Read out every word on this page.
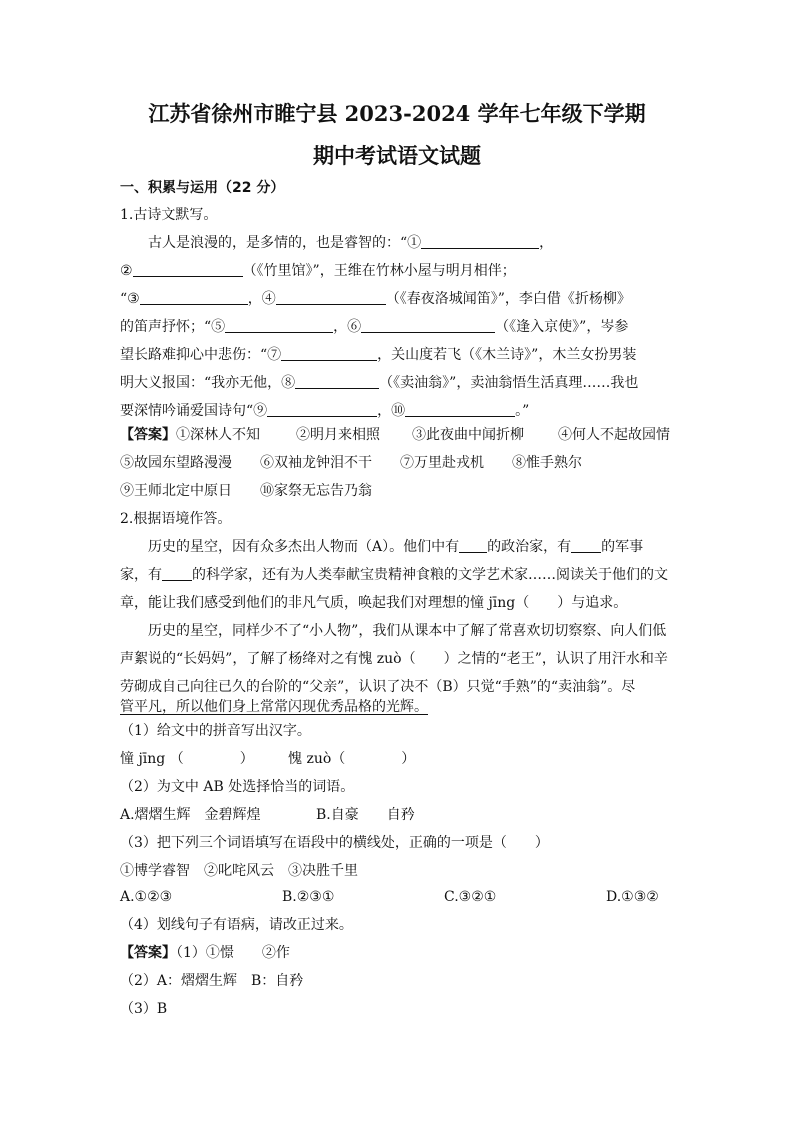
江苏省徐州市睢宁县 2023-2024 学年七年级下学期
期中考试语文试题
一、积累与运用（22 分）
1.古诗文默写。
古人是浪漫的，是多情的，也是睿智的：“①	，
②	（《竹里馆》”，王维在竹林小屋与明月相伴；
“③	，④	（《春夜洛城闻笛》”，李白借《折杨柳》
的笛声抒怀；“⑤	，⑥	（《逢入京使》”，岑参
望长路难抑心中悲伤：“⑦	，关山度若飞（《木兰诗》”，木兰女扮男装
明大义报国：“我亦无他，⑧	（《卖油翁》”，卖油翁悟生活真理……我也
要深情吟诵爱国诗句“⑨	，⑩	。”
【答案】①深林人不知	②明月来相照 ③此夜曲中闻折柳 ④何人不起故园情
⑤故园东望路漫漫 ⑥双袖龙钟泪不干 ⑦万里赴戎机 ⑧惟手熟尔
⑨王师北定中原日 ⑩家祭无忘告乃翁
2.根据语境作答。
历史的星空，因有众多杰出人物而（A）。他们中有 的政治家，有 的军事
家，有 的科学家，还有为人类奉献宝贵精神食粮的文学艺术家……阅读关于他们的文
章，能让我们感受到他们的非凡气质，唤起我们对理想的憧 jīng（　　）与追求。
历史的星空，同样少不了“小人物”，我们从课本中了解了常喜欢切切察察、向人们低
声絮说的“长妈妈”，了解了杨绛对之有愧 zuò（　　）之情的“老王”，认识了用汗水和辛
劳砌成自己向往已久的台阶的“父亲”，认识了决不（B）只觉“手熟”的“卖油翁”。尽
管平凡，所以他们身上常常闪现优秀品格的光辉。
（1）给文中的拼音写出汉字。
憧 jīng （　　　　） 愧 zuò（　　　　）
（2）为文中 AB 处选择恰当的词语。
A.熠熠生辉　金碧辉煌	B.自豪　　自矜
（3）把下列三个词语填写在语段中的横线处，正确的一项是（　　）
①博学睿智　②叱咤风云　③决胜千里
A.①②③	B.②③①	C.③②①	D.①③②
（4）划线句子有语病，请改正过来。
【答案】（1）①憬　　②作
（2）A：熠熠生辉　B：自矜
（3）B
